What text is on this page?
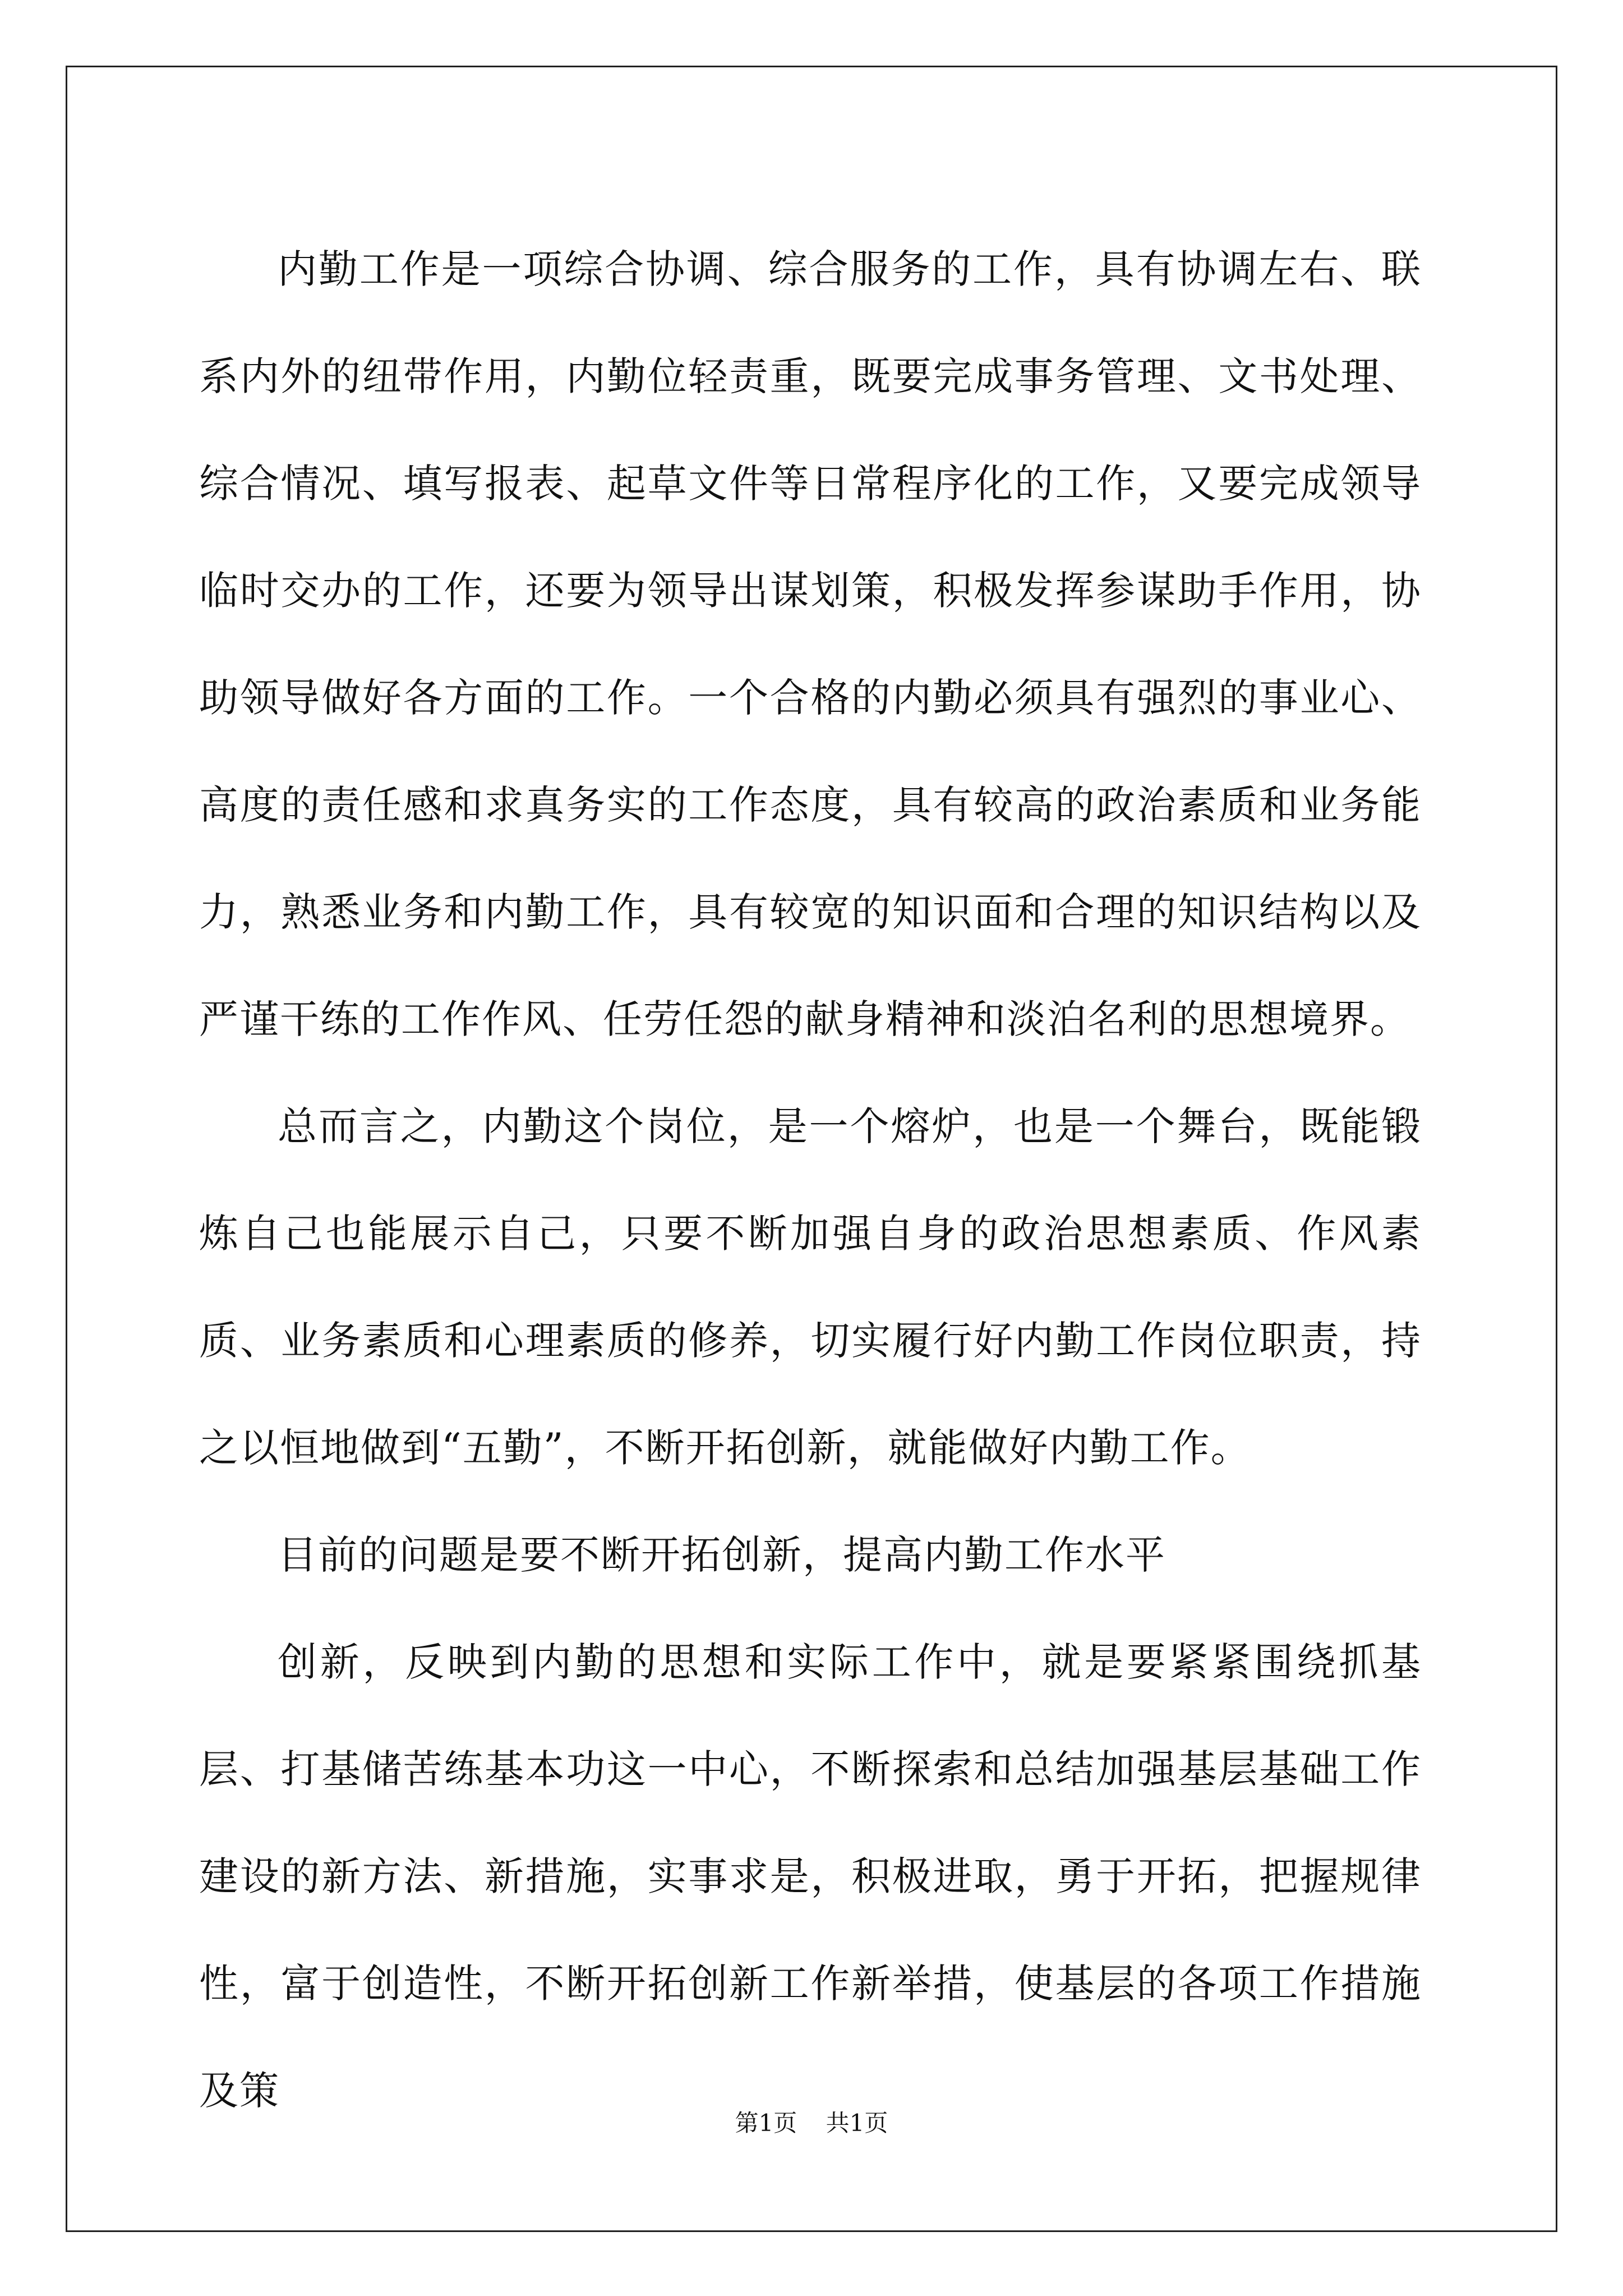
内勤工作是一项综合协调、综合服务的工作，具有协调左右、联系内外的纽带作用，内勤位轻责重，既要完成事务管理、文书处理、综合情况、填写报表、起草文件等日常程序化的工作，又要完成领导临时交办的工作，还要为领导出谋划策，积极发挥参谋助手作用，协助领导做好各方面的工作。一个合格的内勤必须具有强烈的事业心、高度的责任感和求真务实的工作态度，具有较高的政治素质和业务能力，熟悉业务和内勤工作，具有较宽的知识面和合理的知识结构以及严谨干练的工作作风、任劳任怨的献身精神和淡泊名利的思想境界。

总而言之，内勤这个岗位，是一个熔炉，也是一个舞台，既能锻炼自己也能展示自己，只要不断加强自身的政治思想素质、作风素质、业务素质和心理素质的修养，切实履行好内勤工作岗位职责，持之以恒地做到“五勤”，不断开拓创新，就能做好内勤工作。

目前的问题是要不断开拓创新，提高内勤工作水平

创新，反映到内勤的思想和实际工作中，就是要紧紧围绕抓基层、打基储苦练基本功这一中心，不断探索和总结加强基层基础工作建设的新方法、新措施，实事求是，积极进取，勇于开拓，把握规律性，富于创造性，不断开拓创新工作新举措，使基层的各项工作措施及策

第1页 共1页
